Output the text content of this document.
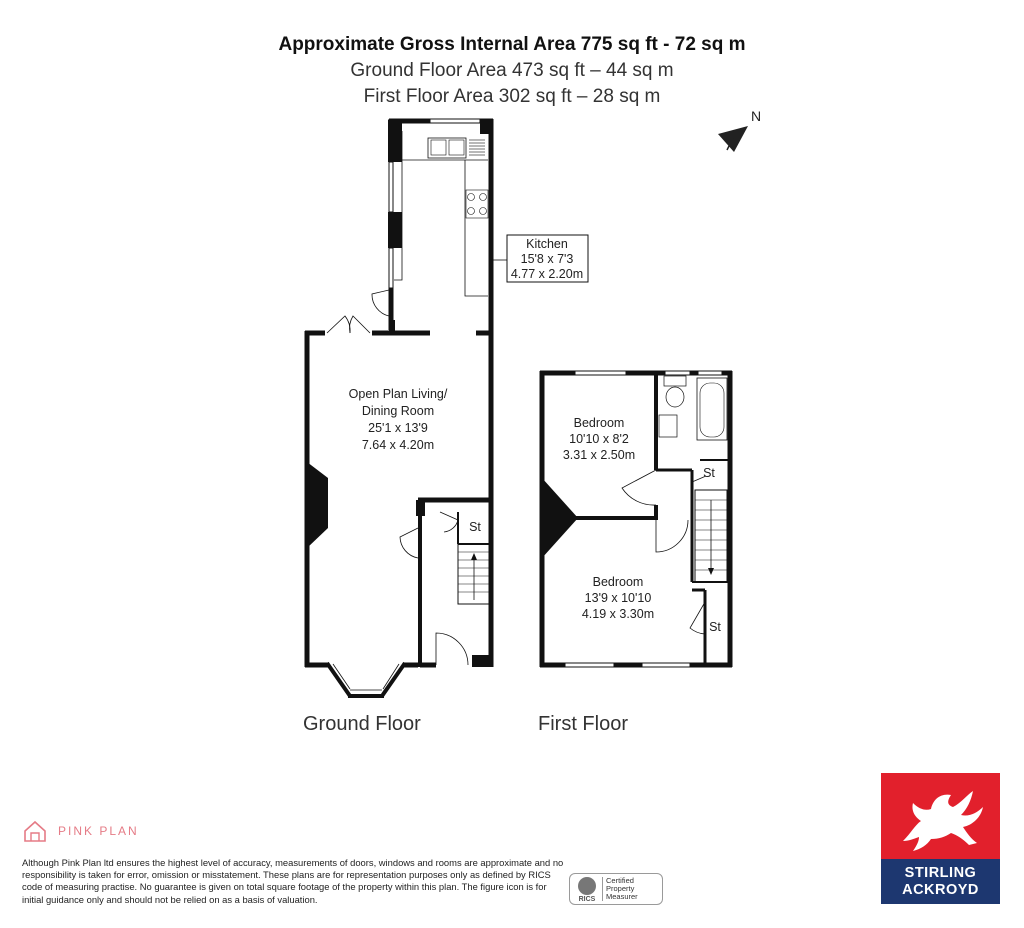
Approximate Gross Internal Area 775 sq ft - 72 sq m
Ground Floor Area 473 sq ft – 44 sq m
First Floor Area 302 sq ft – 28 sq m
N
Kitchen
15'8 x 7'3
4.77 x 2.20m
Open Plan Living/
Dining Room
25'1 x 13'9
7.64 x 4.20m
St
Bedroom
10'10 x 8'2
3.31 x 2.50m
Bedroom
13'9 x 10'10
4.19 x 3.30m
St
St
Ground Floor	First Floor
PINK PLAN
Although Pink Plan ltd ensures the highest level of accuracy, measurements of doors, windows and rooms are approximate and no responsibility is taken for error, omission or misstatement. These plans are for representation purposes only as defined by RICS code of measuring practise. No guarantee is given on total square footage of the property within this plan. The figure icon is for initial guidance only and should not be relied on as a basis of valuation.	RICS
Certified
Property
Measurer
STIRLING
ACKROYD
